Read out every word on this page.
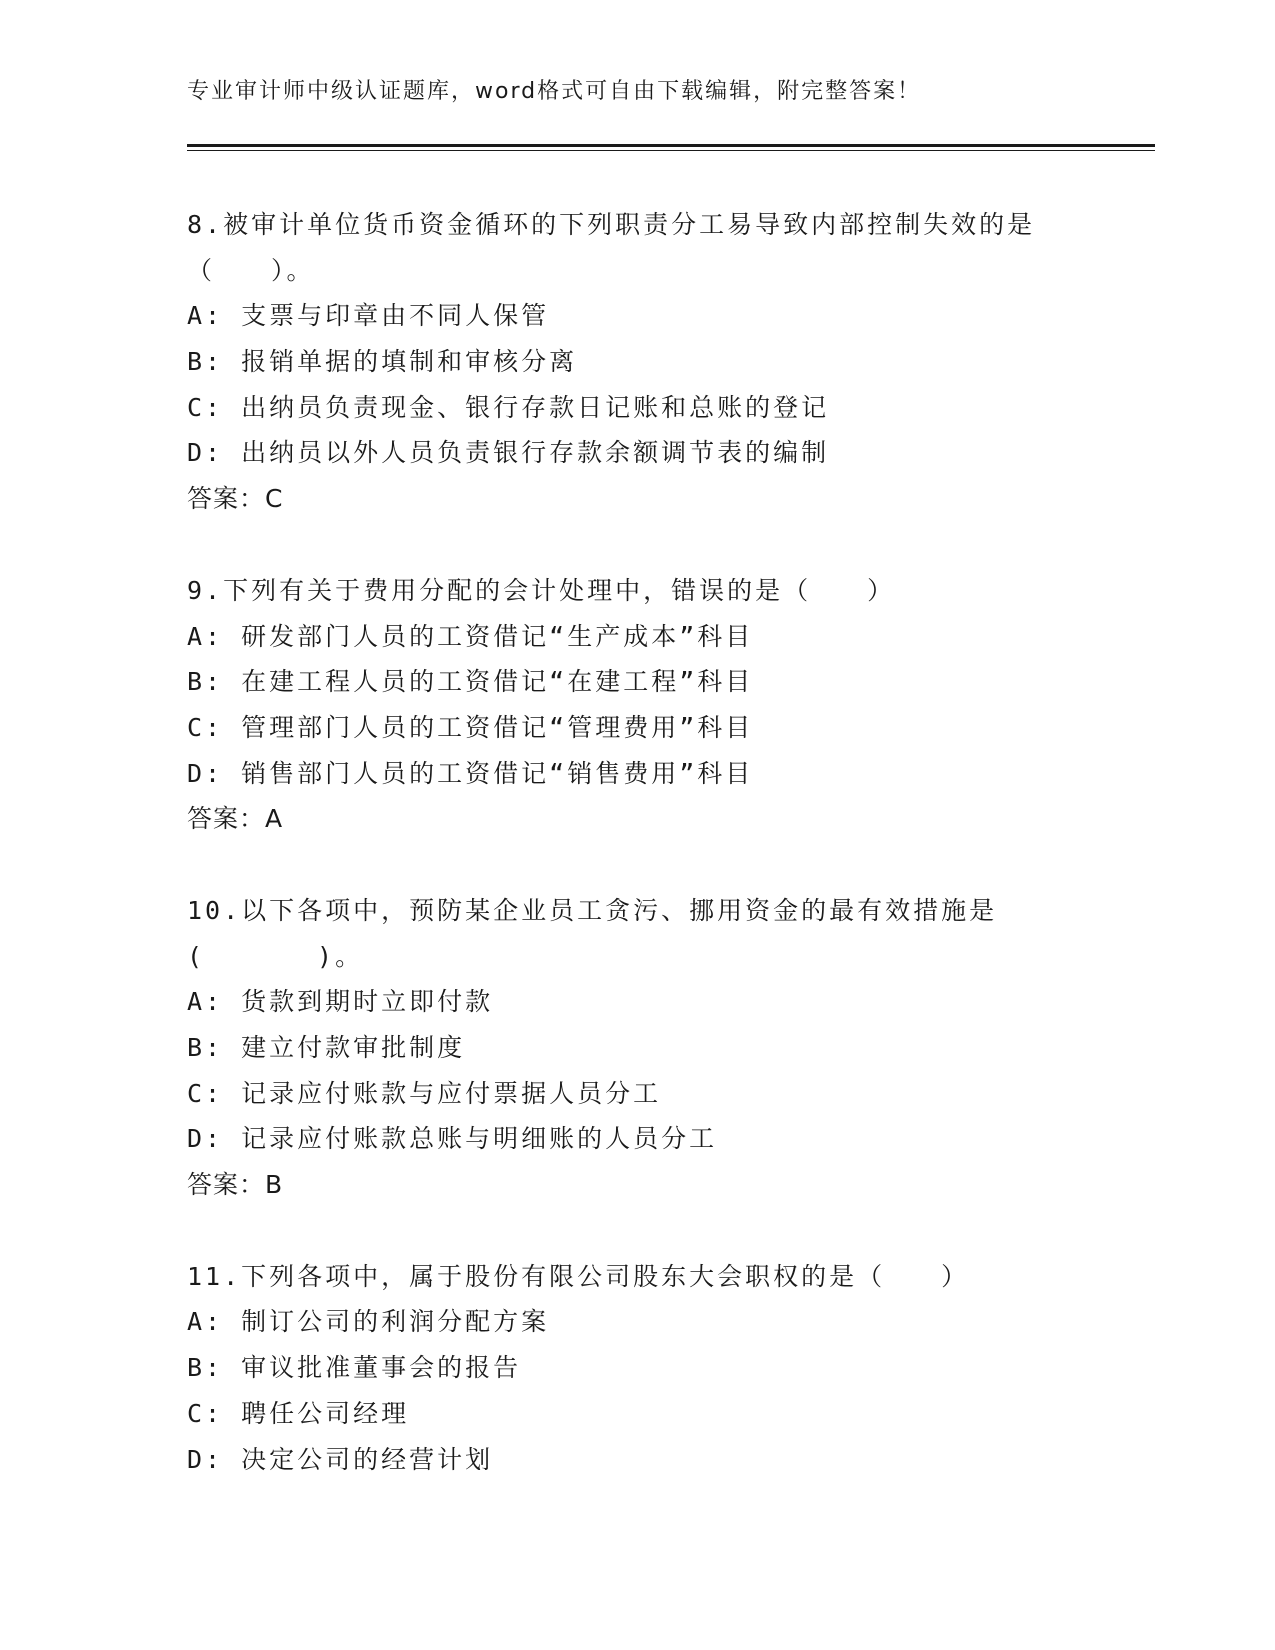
专业审计师中级认证题库，word格式可自由下载编辑，附完整答案！
8.被审计单位货币资金循环的下列职责分工易导致内部控制失效的是
（　　）。
A: 支票与印章由不同人保管
B: 报销单据的填制和审核分离
C: 出纳员负责现金、银行存款日记账和总账的登记
D: 出纳员以外人员负责银行存款余额调节表的编制
答案：C
9.下列有关于费用分配的会计处理中，错误的是（　　）
A: 研发部门人员的工资借记“生产成本”科目
B: 在建工程人员的工资借记“在建工程”科目
C: 管理部门人员的工资借记“管理费用”科目
D: 销售部门人员的工资借记“销售费用”科目
答案：A
10.以下各项中，预防某企业员工贪污、挪用资金的最有效措施是
(　　　　)。
A: 货款到期时立即付款
B: 建立付款审批制度
C: 记录应付账款与应付票据人员分工
D: 记录应付账款总账与明细账的人员分工
答案：B
11.下列各项中，属于股份有限公司股东大会职权的是（　　）
A: 制订公司的利润分配方案
B: 审议批准董事会的报告
C: 聘任公司经理
D: 决定公司的经营计划
